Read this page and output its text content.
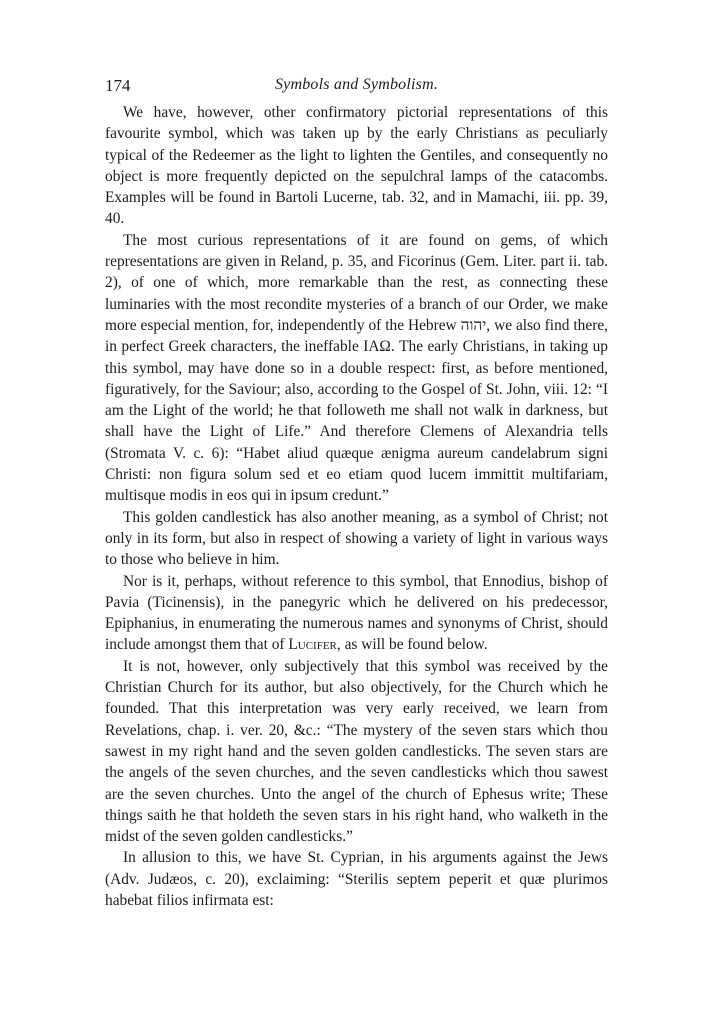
174	Symbols and Symbolism.

We have, however, other confirmatory pictorial representations of this favourite symbol, which was taken up by the early Christians as peculiarly typical of the Redeemer as the light to lighten the Gentiles, and consequently no object is more frequently depicted on the sepulchral lamps of the catacombs. Examples will be found in Bartoli Lucerne, tab. 32, and in Mamachi, iii. pp. 39, 40.

The most curious representations of it are found on gems, of which representations are given in Reland, p. 35, and Ficorinus (Gem. Liter. part ii. tab. 2), of one of which, more remarkable than the rest, as connecting these luminaries with the most recondite mysteries of a branch of our Order, we make more especial mention, for, independently of the Hebrew יהוה, we also find there, in perfect Greek characters, the ineffable ΙΑΩ. The early Christians, in taking up this symbol, may have done so in a double respect: first, as before mentioned, figuratively, for the Saviour; also, according to the Gospel of St. John, viii. 12: “I am the Light of the world; he that followeth me shall not walk in darkness, but shall have the Light of Life.” And therefore Clemens of Alexandria tells (Stromata V. c. 6): “Habet aliud quæque ænigma aureum candelabrum signi Christi: non figura solum sed et eo etiam quod lucem immittit multifariam, multisque modis in eos qui in ipsum credunt.”

This golden candlestick has also another meaning, as a symbol of Christ; not only in its form, but also in respect of showing a variety of light in various ways to those who believe in him.

Nor is it, perhaps, without reference to this symbol, that Ennodius, bishop of Pavia (Ticinensis), in the panegyric which he delivered on his predecessor, Epiphanius, in enumerating the numerous names and synonyms of Christ, should include amongst them that of Lucifer, as will be found below.

It is not, however, only subjectively that this symbol was received by the Christian Church for its author, but also objectively, for the Church which he founded. That this interpretation was very early received, we learn from Revelations, chap. i. ver. 20, &c.: “The mystery of the seven stars which thou sawest in my right hand and the seven golden candlesticks. The seven stars are the angels of the seven churches, and the seven candlesticks which thou sawest are the seven churches. Unto the angel of the church of Ephesus write; These things saith he that holdeth the seven stars in his right hand, who walketh in the midst of the seven golden candlesticks.”

In allusion to this, we have St. Cyprian, in his arguments against the Jews (Adv. Judæos, c. 20), exclaiming: “Sterilis septem peperit et quæ plurimos habebat filios infirmata est:
